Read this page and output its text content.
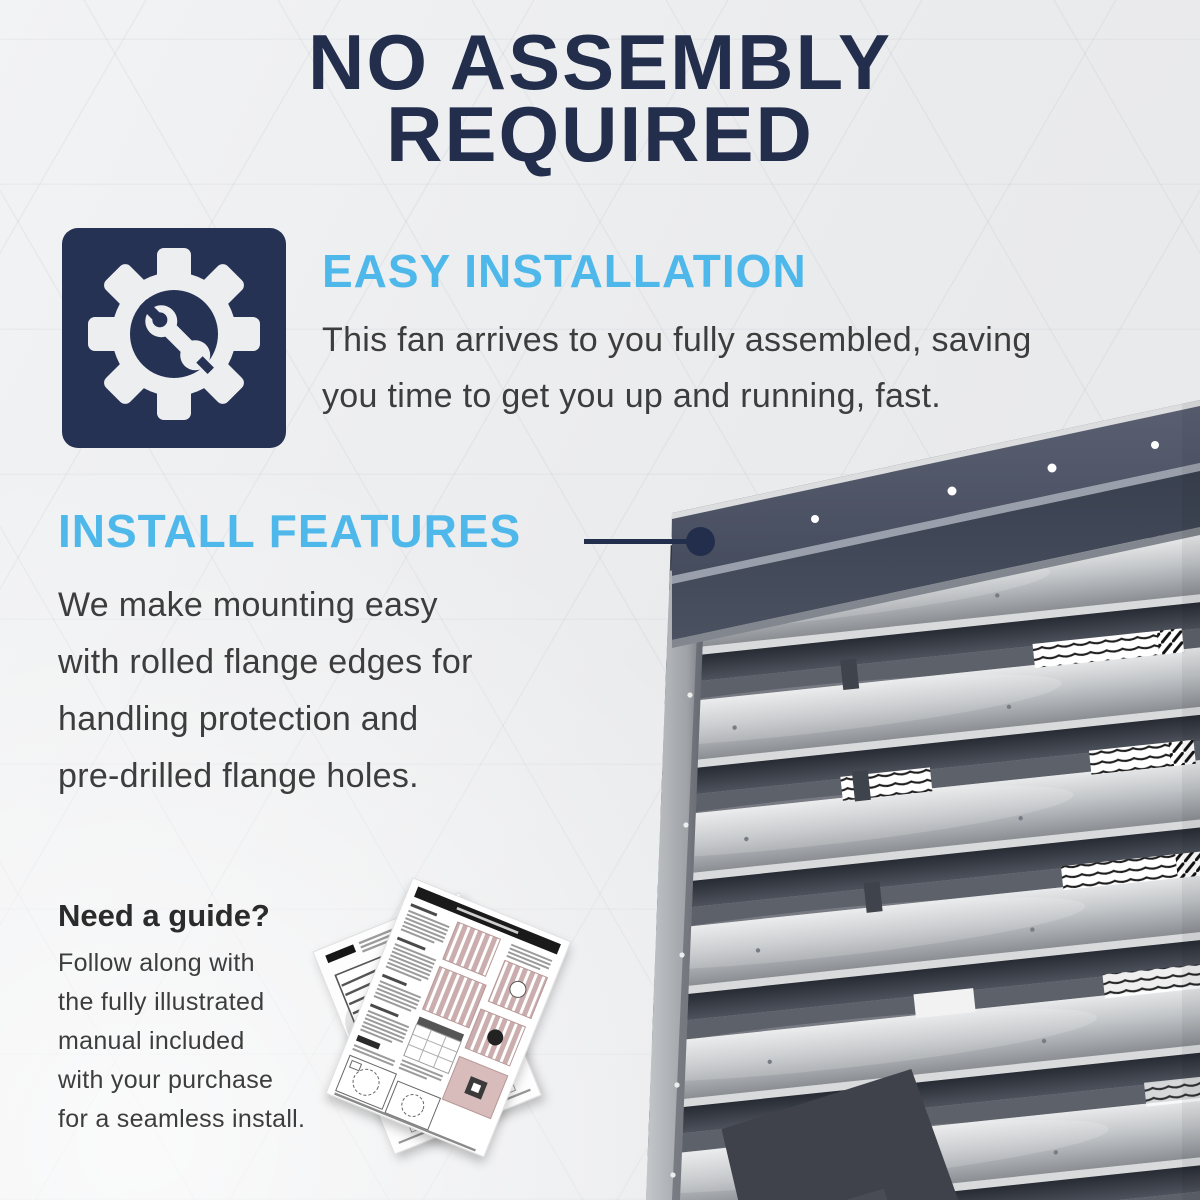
NO ASSEMBLY
REQUIRED
EASY INSTALLATION
This fan arrives to you fully assembled, saving
you time to get you up and running, fast.
INSTALL FEATURES
We make mounting easy
with rolled flange edges for
handling protection and
pre-drilled flange holes.
Need a guide?
Follow along with
the fully illustrated
manual included
with your purchase
for a seamless install.
